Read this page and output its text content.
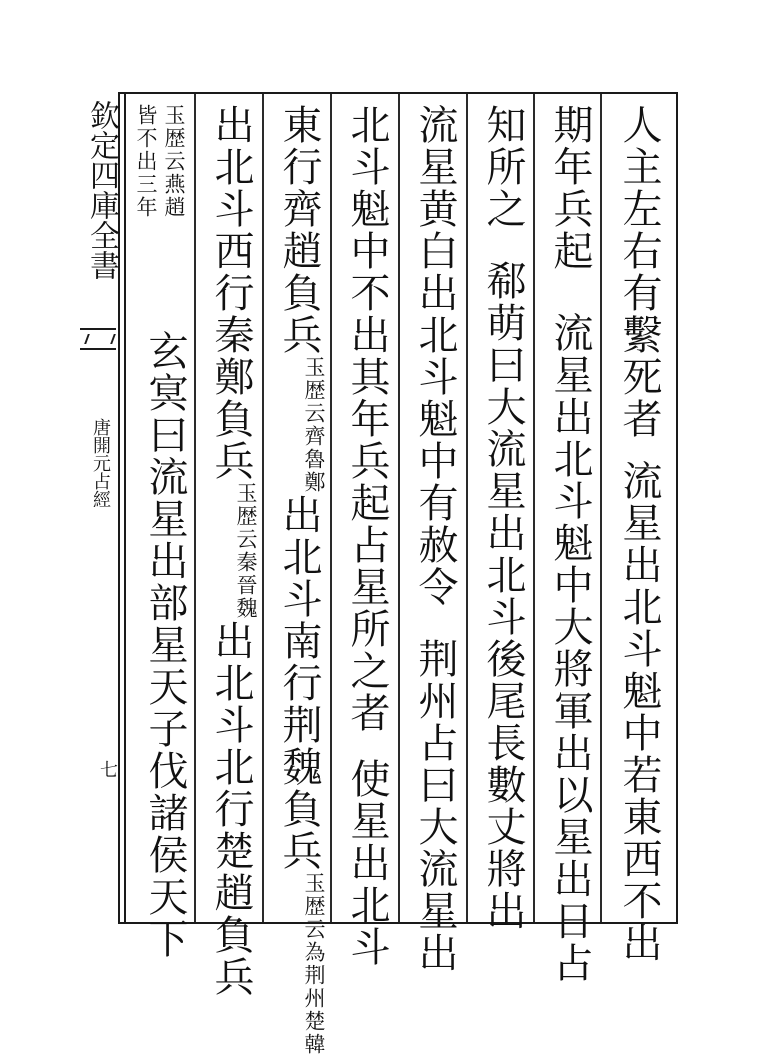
欽定四庫全書
唐開元占經
七
人主左右有繫死者流星出北斗魁中若東西不出
期年兵起流星出北斗魁中大將軍出以星出日占
知所之郗萌曰大流星出北斗後尾長數丈將出
流星黄白出北斗魁中有赦令荆州占曰大流星出
北斗魁中不出其年兵起占星所之者使星出北斗
東行齊趙負兵玉歴云齊魯鄭出北斗南行荆魏負兵玉歴云為荆州楚韓
出北斗西行秦鄭負兵玉歴云秦晉魏出北斗北行楚趙負兵
玉歴云燕趙
皆不出三年
玄㝠曰流星出部星天子伐諸侯天下
